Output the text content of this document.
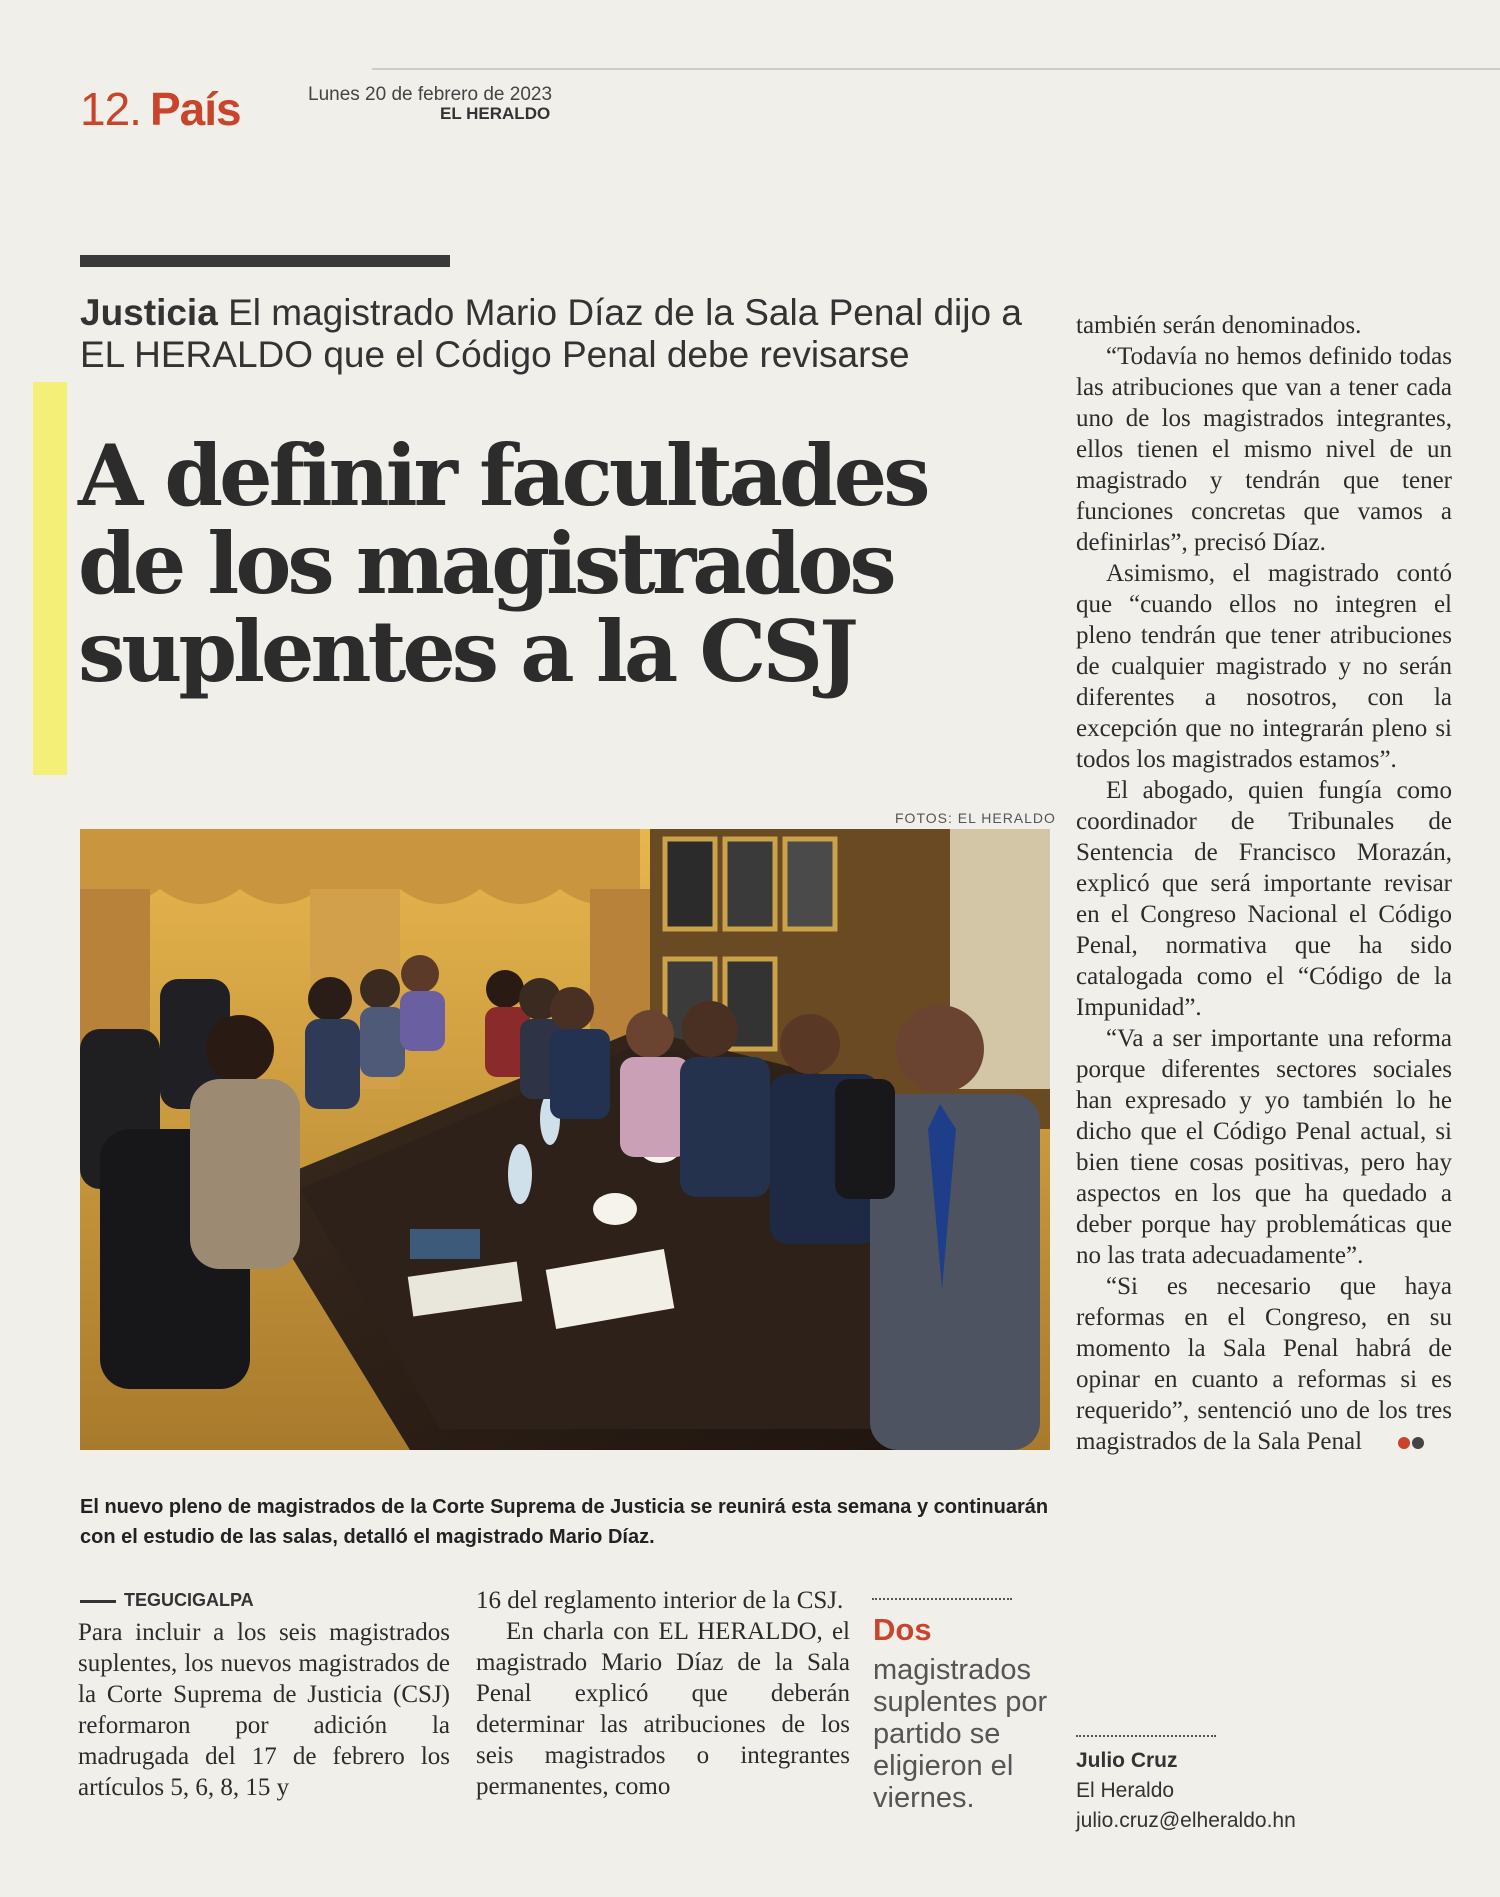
12. País	Lunes 20 de febrero de 2023
EL HERALDO
Justicia El magistrado Mario Díaz de la Sala Penal dijo a EL HERALDO que el Código Penal debe revisarse
A definir facultades
de los magistrados
suplentes a la CSJ
FOTOS: EL HERALDO
El nuevo pleno de magistrados de la Corte Suprema de Justicia se reunirá esta semana y continuarán con el estudio de las salas, detalló el magistrado Mario Díaz.
TEGUCIGALPA

Para incluir a los seis magistrados suplentes, los nuevos magistrados de la Corte Suprema de Justicia (CSJ) reformaron por adición la madrugada del 17 de febrero los artículos 5, 6, 8, 15 y

16 del reglamento interior de la CSJ.

En charla con EL HERALDO, el magistrado Mario Díaz de la Sala Penal explicó que deberán determinar las atribuciones de los seis magistrados o integrantes permanentes, como

Dos
magistrados suplentes por partido se eligieron el viernes.

también serán denominados.

“Todavía no hemos definido todas las atribuciones que van a tener cada uno de los magistrados integrantes, ellos tienen el mismo nivel de un magistrado y tendrán que tener funciones concretas que vamos a definirlas”, precisó Díaz.

Asimismo, el magistrado contó que “cuando ellos no integren el pleno tendrán que tener atribuciones de cualquier magistrado y no serán diferentes a nosotros, con la excepción que no integrarán pleno si todos los magistrados estamos”.

El abogado, quien fungía como coordinador de Tribunales de Sentencia de Francisco Morazán, explicó que será importante revisar en el Congreso Nacional el Código Penal, normativa que ha sido catalogada como el “Código de la Impunidad”.

“Va a ser importante una reforma porque diferentes sectores sociales han expresado y yo también lo he dicho que el Código Penal actual, si bien tiene cosas positivas, pero hay aspectos en los que ha quedado a deber porque hay problemáticas que no las trata adecuadamente”.

“Si es necesario que haya reformas en el Congreso, en su momento la Sala Penal habrá de opinar en cuanto a reformas si es requerido”, sentenció uno de los tres magistrados de la Sala Penal

Julio Cruz
El Heraldo
julio.cruz@elheraldo.hn
